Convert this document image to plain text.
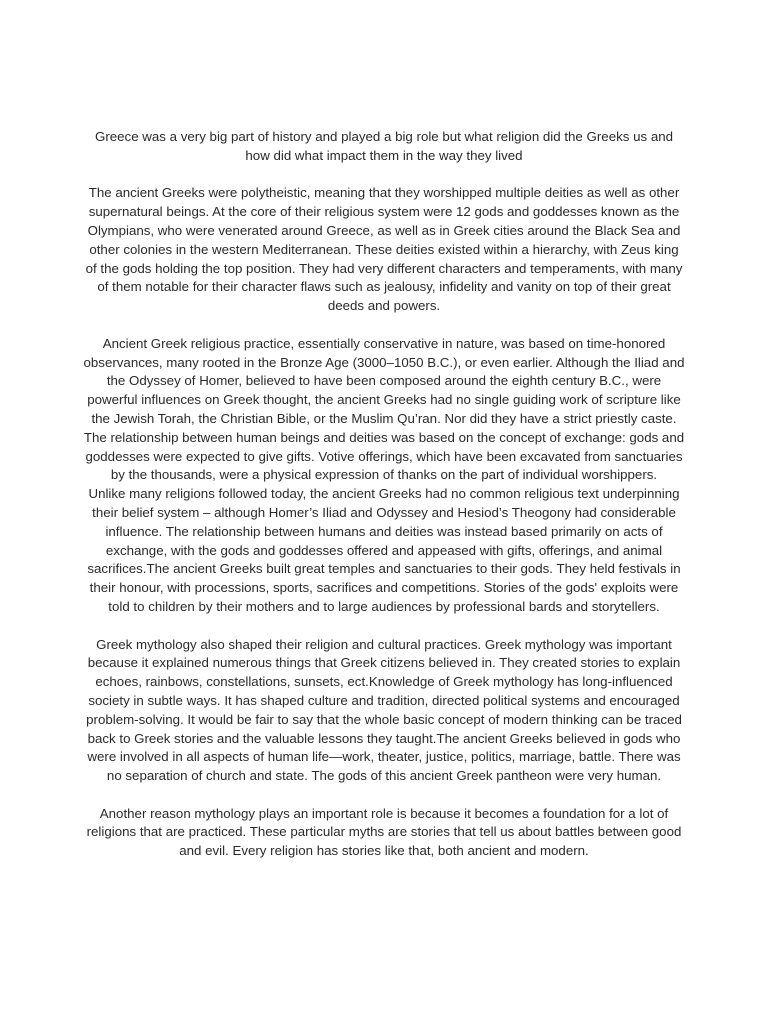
Greece was a very big part of history and played a big role but what religion did the Greeks us and how did what impact them in the way they lived

The ancient Greeks were polytheistic, meaning that they worshipped multiple deities as well as other supernatural beings. At the core of their religious system were 12 gods and goddesses known as the Olympians, who were venerated around Greece, as well as in Greek cities around the Black Sea and other colonies in the western Mediterranean. These deities existed within a hierarchy, with Zeus king of the gods holding the top position. They had very different characters and temperaments, with many of them notable for their character flaws such as jealousy, infidelity and vanity on top of their great deeds and powers.

Ancient Greek religious practice, essentially conservative in nature, was based on time-honored observances, many rooted in the Bronze Age (3000–1050 B.C.), or even earlier. Although the Iliad and the Odyssey of Homer, believed to have been composed around the eighth century B.C., were powerful influences on Greek thought, the ancient Greeks had no single guiding work of scripture like the Jewish Torah, the Christian Bible, or the Muslim Qu’ran. Nor did they have a strict priestly caste. The relationship between human beings and deities was based on the concept of exchange: gods and goddesses were expected to give gifts. Votive offerings, which have been excavated from sanctuaries by the thousands, were a physical expression of thanks on the part of individual worshippers.

Unlike many religions followed today, the ancient Greeks had no common religious text underpinning their belief system – although Homer’s Iliad and Odyssey and Hesiod’s Theogony had considerable influence. The relationship between humans and deities was instead based primarily on acts of exchange, with the gods and goddesses offered and appeased with gifts, offerings, and animal sacrifices.The ancient Greeks built great temples and sanctuaries to their gods. They held festivals in their honour, with processions, sports, sacrifices and competitions. Stories of the gods' exploits were told to children by their mothers and to large audiences by professional bards and storytellers.

Greek mythology also shaped their religion and cultural practices. Greek mythology was important because it explained numerous things that Greek citizens believed in. They created stories to explain echoes, rainbows, constellations, sunsets, ect.Knowledge of Greek mythology has long-influenced society in subtle ways. It has shaped culture and tradition, directed political systems and encouraged problem-solving. It would be fair to say that the whole basic concept of modern thinking can be traced back to Greek stories and the valuable lessons they taught.The ancient Greeks believed in gods who were involved in all aspects of human life—work, theater, justice, politics, marriage, battle. There was no separation of church and state. The gods of this ancient Greek pantheon were very human.

Another reason mythology plays an important role is because it becomes a foundation for a lot of religions that are practiced. These particular myths are stories that tell us about battles between good and evil. Every religion has stories like that, both ancient and modern.
